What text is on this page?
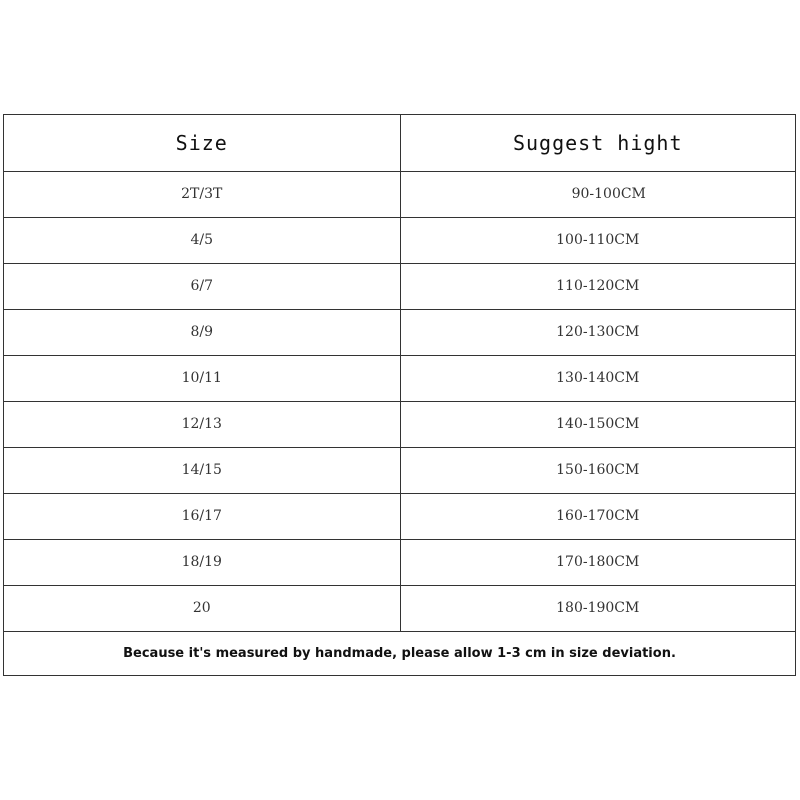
Size	Suggest hight
2T/3T	90-100CM
4/5	100-110CM
6/7	110-120CM
8/9	120-130CM
10/11	130-140CM
12/13	140-150CM
14/15	150-160CM
16/17	160-170CM
18/19	170-180CM
20	180-190CM
Because it's measured by handmade, please allow 1-3 cm in size deviation.	
